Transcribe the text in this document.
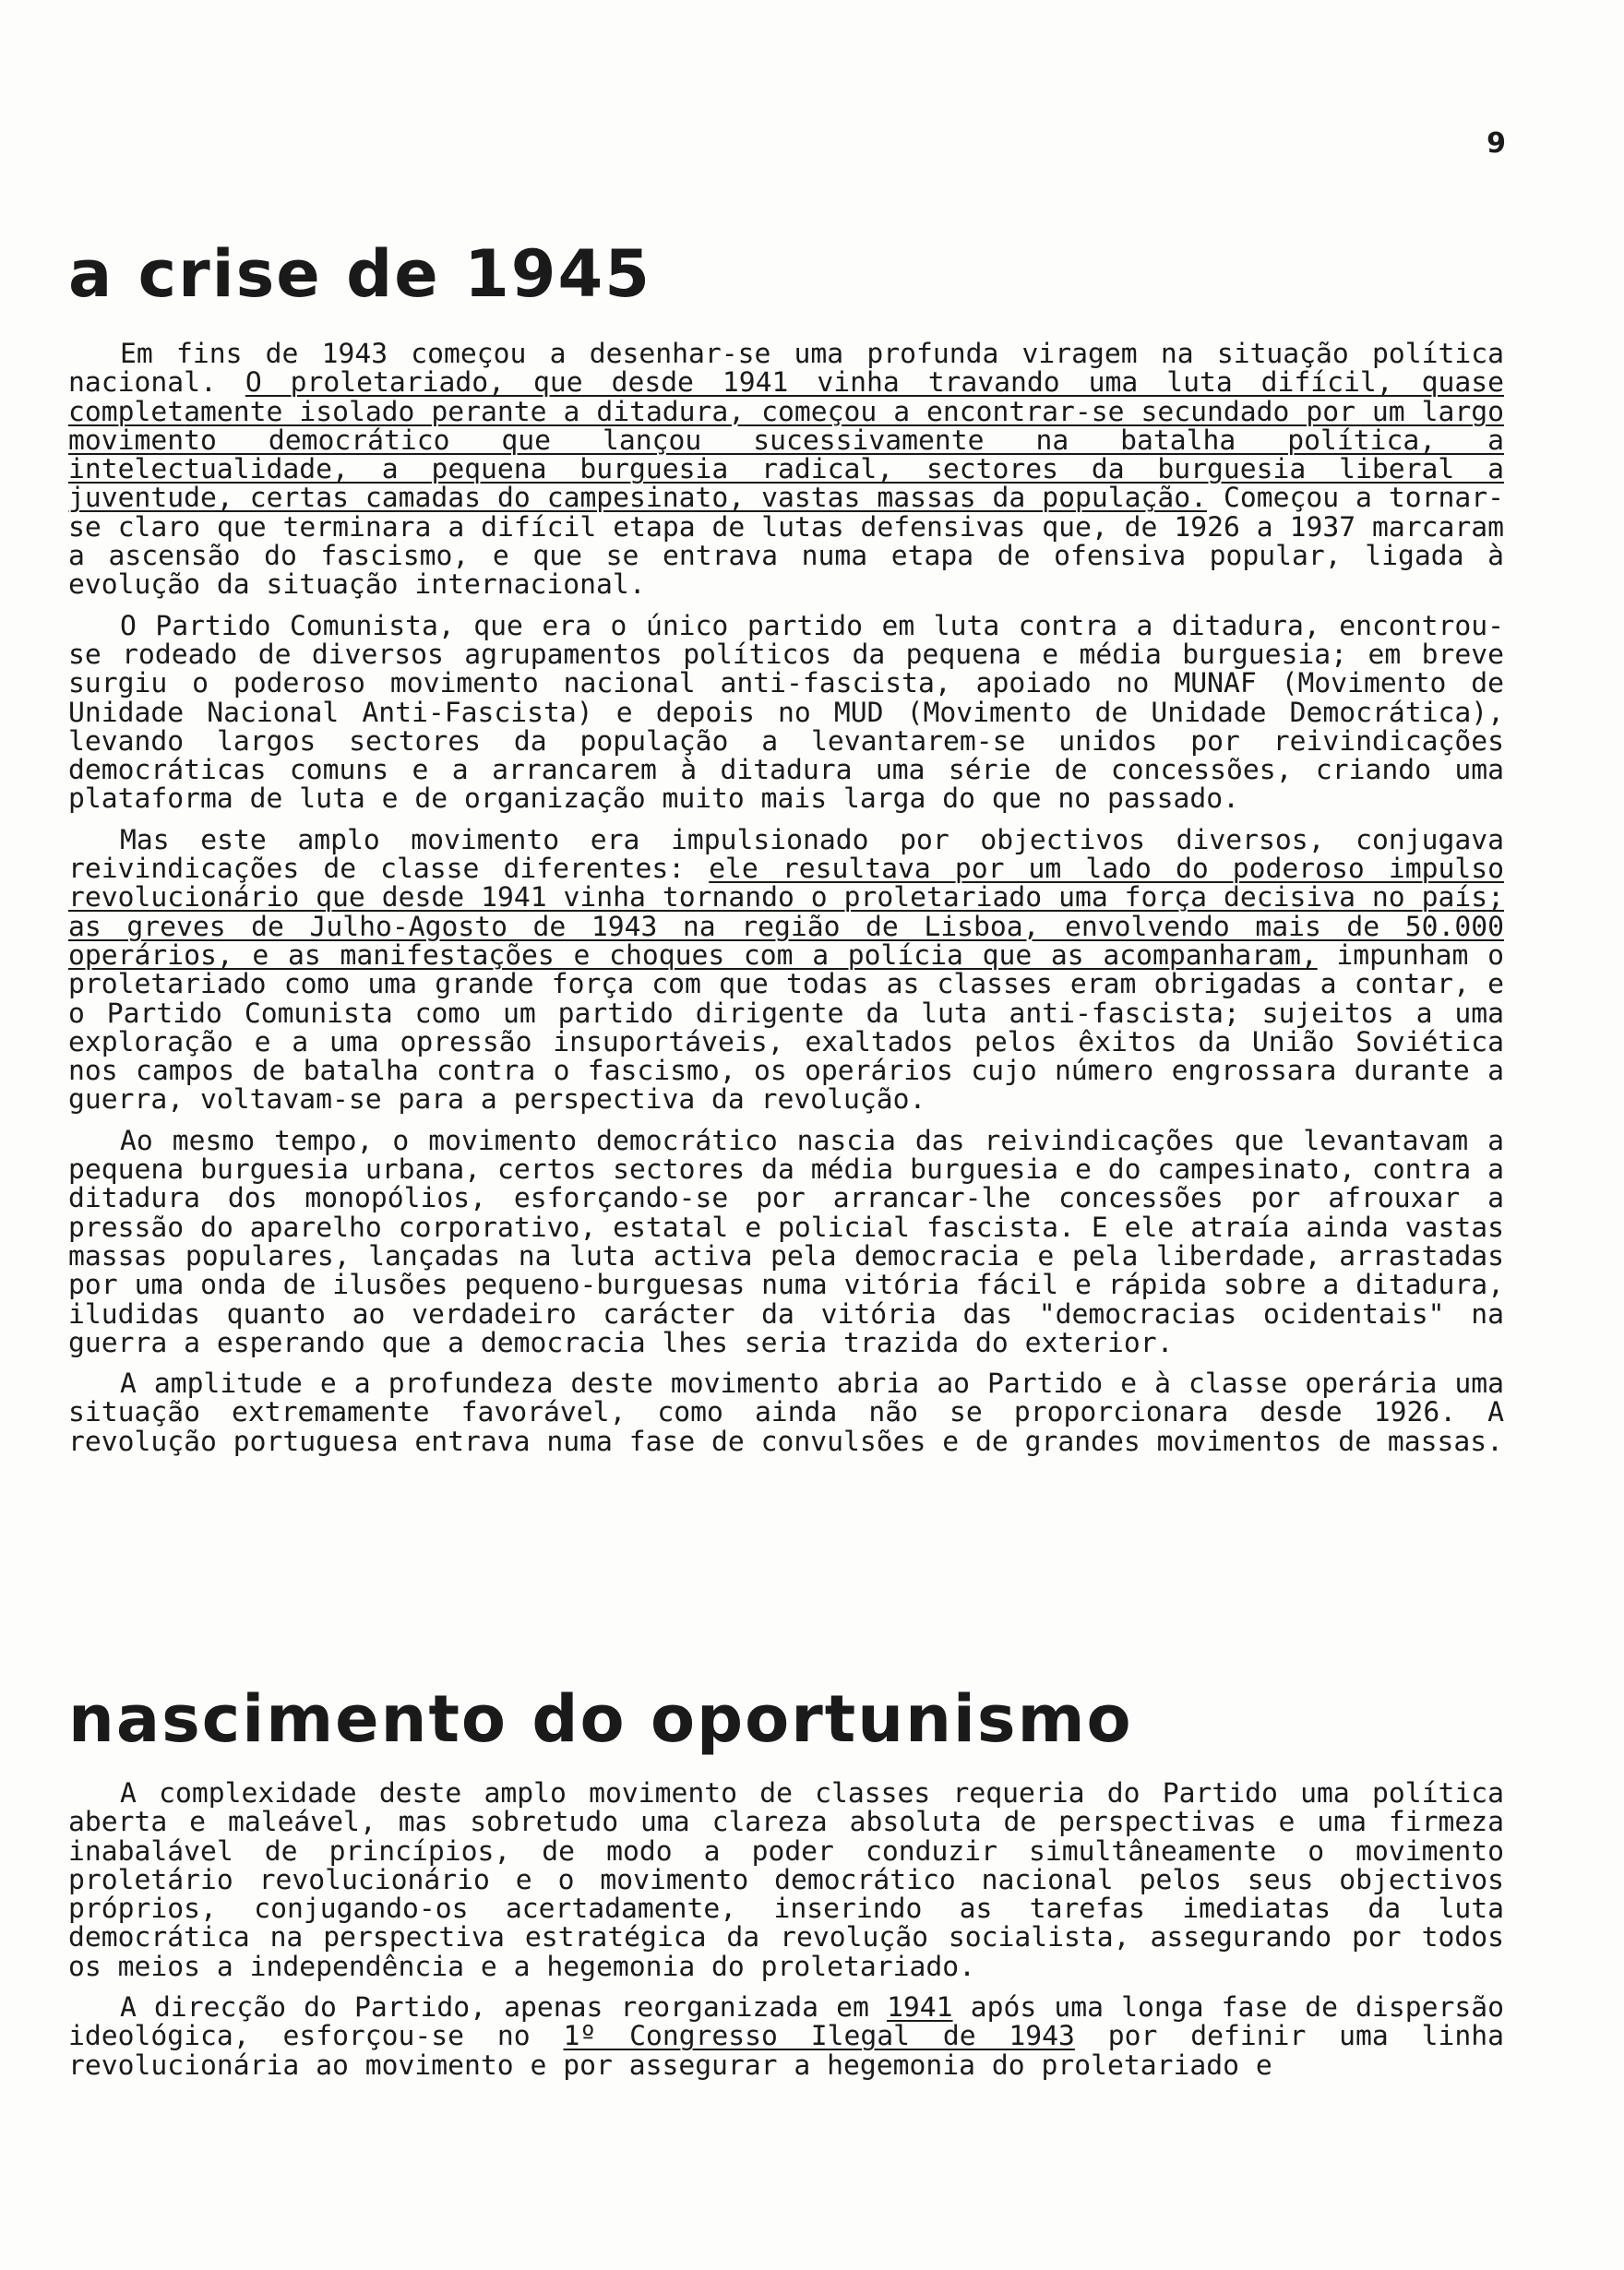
9
a crise de 1945

Em fins de 1943 começou a desenhar-se uma profunda viragem na situação política nacional. O proletariado, que desde 1941 vinha travando uma luta difícil, quase completamente isolado perante a ditadura, começou a encontrar-se secundado por um largo movimento democrático que lançou sucessivamente na batalha política, a intelectualidade, a pequena burguesia radical, sectores da burguesia liberal a juventude, certas camadas do campesinato, vastas massas da população. Começou a tornar-se claro que terminara a difícil etapa de lutas defensivas que, de 1926 a 1937 marcaram a ascensão do fascismo, e que se entrava numa etapa de ofensiva popular, ligada à evolução da situação internacional.

O Partido Comunista, que era o único partido em luta contra a ditadura, encontrou-se rodeado de diversos agrupamentos políticos da pequena e média burguesia; em breve surgiu o poderoso movimento nacional anti-fascista, apoiado no MUNAF (Movimento de Unidade Nacional Anti-Fascista) e depois no MUD (Movimento de Unidade Democrática), levando largos sectores da população a levantarem-se unidos por reivindicações democráticas comuns e a arrancarem à ditadura uma série de concessões, criando uma plataforma de luta e de organização muito mais larga do que no passado.

Mas este amplo movimento era impulsionado por objectivos diversos, conjugava reivindicações de classe diferentes: ele resultava por um lado do poderoso impulso revolucionário que desde 1941 vinha tornando o proletariado uma força decisiva no país; as greves de Julho-Agosto de 1943 na região de Lisboa, envolvendo mais de 50.000 operários, e as manifestações e choques com a polícia que as acompanharam, impunham o proletariado como uma grande força com que todas as classes eram obrigadas a contar, e o Partido Comunista como um partido dirigente da luta anti-fascista; sujeitos a uma exploração e a uma opressão insuportáveis, exaltados pelos êxitos da União Soviética nos campos de batalha contra o fascismo, os operários cujo número engrossara durante a guerra, voltavam-se para a perspectiva da revolução.

Ao mesmo tempo, o movimento democrático nascia das reivindicações que levantavam a pequena burguesia urbana, certos sectores da média burguesia e do campesinato, contra a ditadura dos monopólios, esforçando-se por arrancar-lhe concessões por afrouxar a pressão do aparelho corporativo, estatal e policial fascista. E ele atraía ainda vastas massas populares, lançadas na luta activa pela democracia e pela liberdade, arrastadas por uma onda de ilusões pequeno-burguesas numa vitória fácil e rápida sobre a ditadura, iludidas quanto ao verdadeiro carácter da vitória das "democracias ocidentais" na guerra a esperando que a democracia lhes seria trazida do exterior.

A amplitude e a profundeza deste movimento abria ao Partido e à classe operária uma situação extremamente favorável, como ainda não se proporcionara desde 1926. A revolução portuguesa entrava numa fase de convulsões e de grandes movimentos de massas.

nascimento do oportunismo

A complexidade deste amplo movimento de classes requeria do Partido uma política aberta e maleável, mas sobretudo uma clareza absoluta de perspectivas e uma firmeza inabalável de princípios, de modo a poder conduzir simultâneamente o movimento proletário revolucionário e o movimento democrático nacional pelos seus objectivos próprios, conjugando-os acertadamente, inserindo as tarefas imediatas da luta democrática na perspectiva estratégica da revolução socialista, assegurando por todos os meios a independência e a hegemonia do proletariado.

A direcção do Partido, apenas reorganizada em 1941 após uma longa fase de dispersão ideológica, esforçou-se no 1º Congresso Ilegal de 1943 por definir uma linha revolucionária ao movimento e por assegurar a hegemonia do proletariado e
